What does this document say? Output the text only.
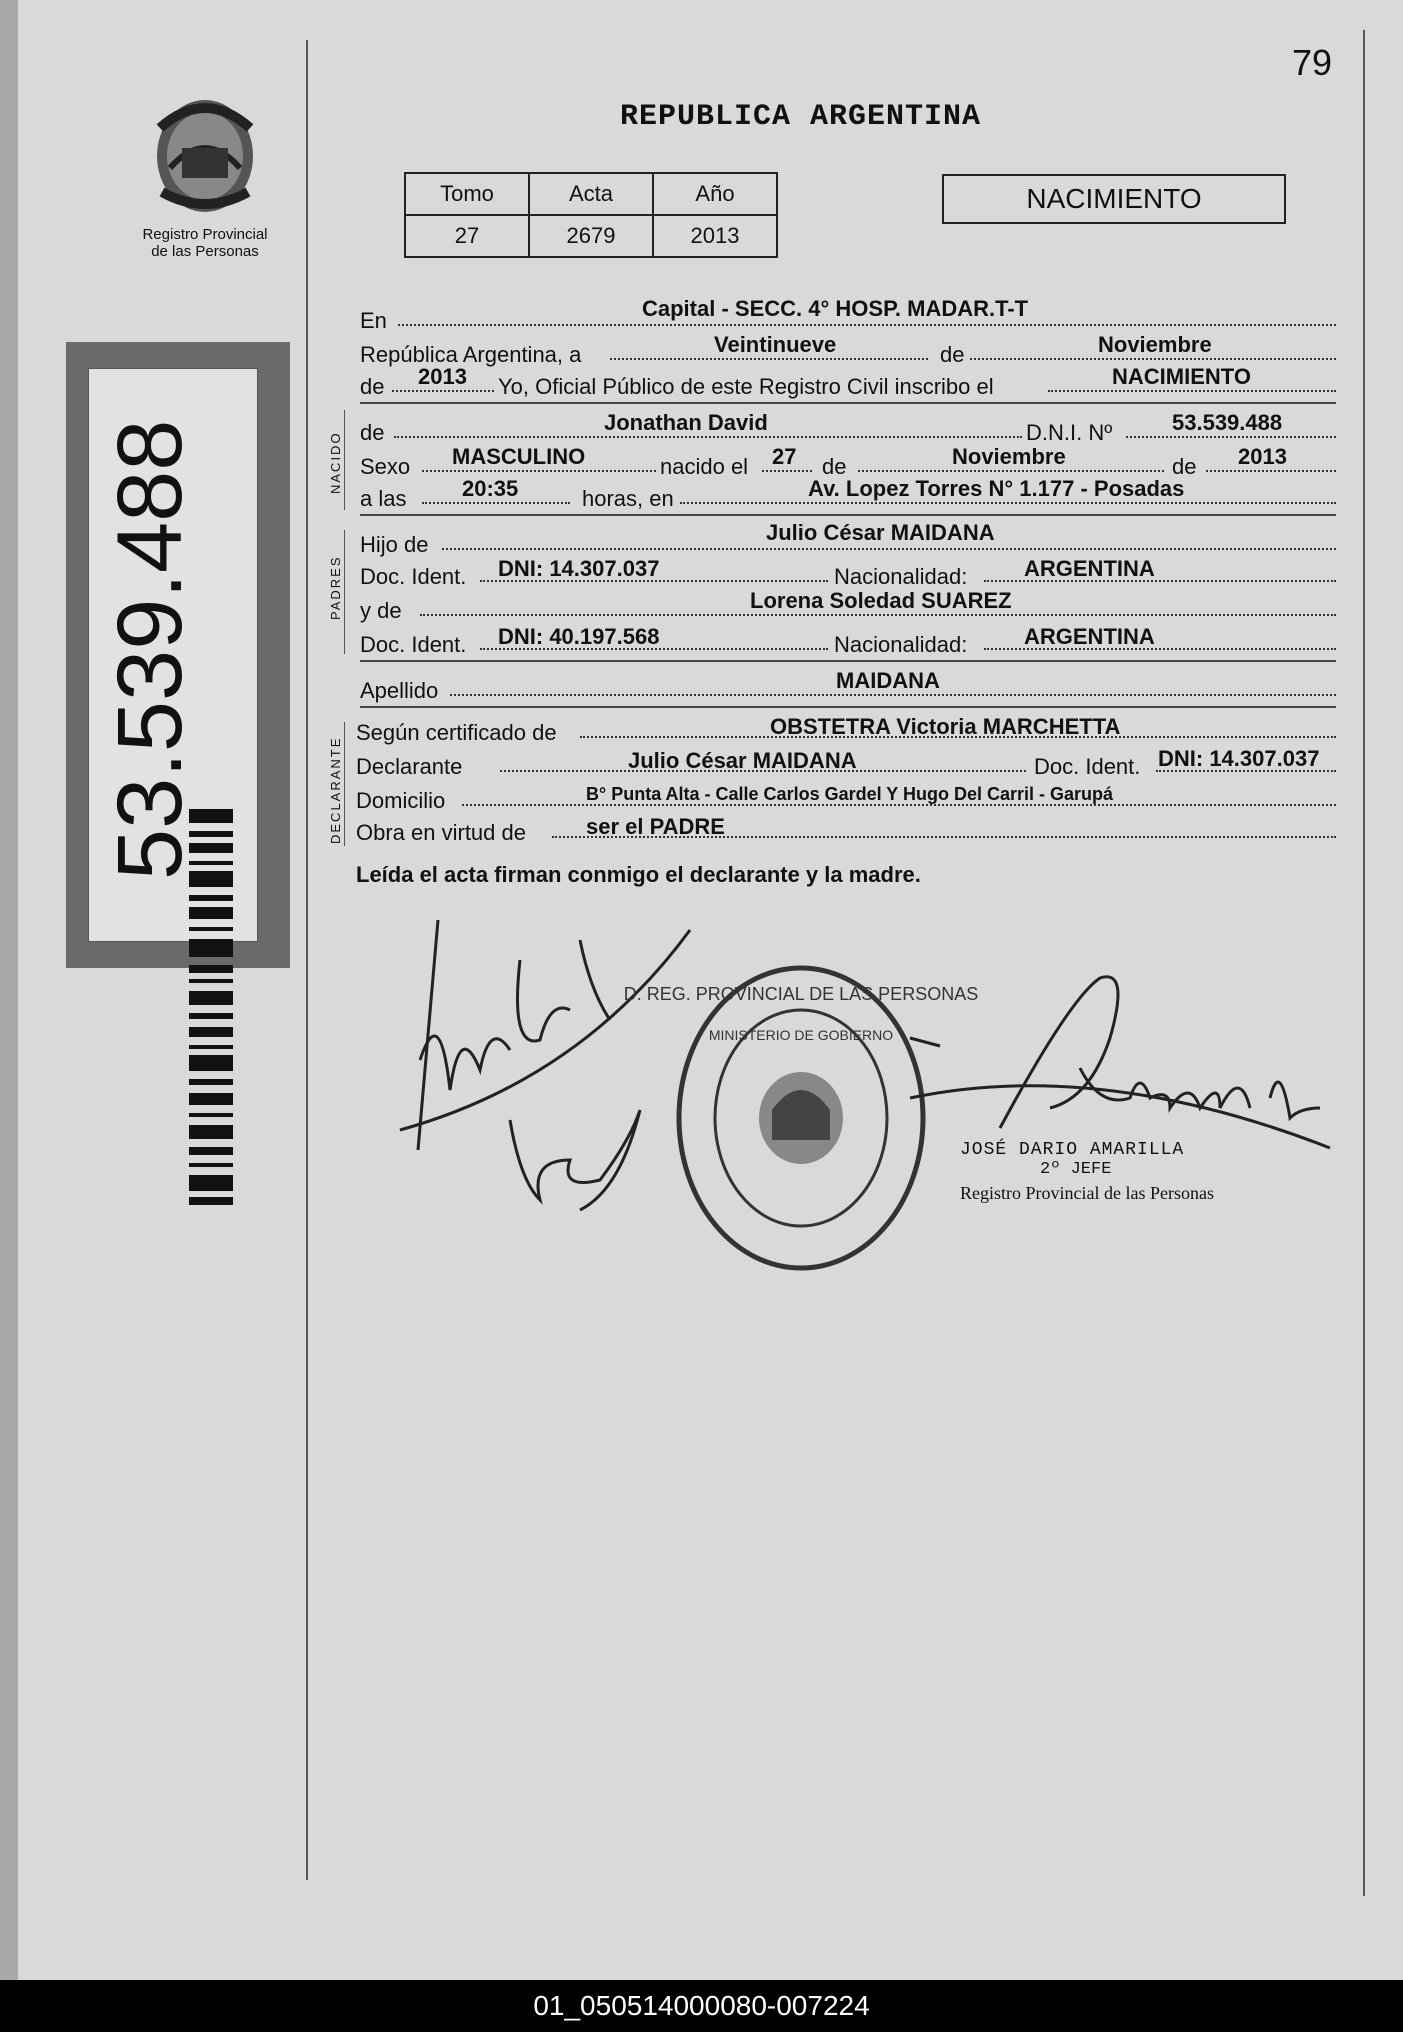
79
REPUBLICA ARGENTINA
Registro Provincial
de las Personas
Tomo	Acta	Año
27	2679	2013
NACIMIENTO
53.539.488	NACIDO
PADRES
DECLARANTE
En	Capital - SECC. 4° HOSP. MADAR.T-T
República Argentina, a	Veintinueve	de	Noviembre
de 2013 Yo, Oficial Público de este Registro Civil inscribo el	NACIMIENTO
de	Jonathan David	D.N.I. Nº	53.539.488
Sexo MASCULINO	nacido el 27 de	Noviembre	de 2013
a las	20:35	horas, en	Av. Lopez Torres N° 1.177 - Posadas
Hijo de	Julio César MAIDANA
Doc. Ident. DNI: 14.307.037	Nacionalidad:	ARGENTINA
y de	Lorena Soledad SUAREZ
Doc. Ident. DNI: 40.197.568	Nacionalidad:	ARGENTINA
Apellido	MAIDANA
Según certificado de	OBSTETRA Victoria MARCHETTA
Declarante	Julio César MAIDANA	Doc. Ident. DNI: 14.307.037
Domicilio	B° Punta Alta - Calle Carlos Gardel Y Hugo Del Carril - Garupá
Obra en virtud de	ser el PADRE
Leída el acta firman conmigo el declarante y la madre.
D. REG. PROVINCIAL DE LAS PERSONAS
MINISTERIO DE GOBIERNO
JOSÉ DARIO AMARILLA
2º JEFE
Registro Provincial de las Personas
01_050514000080-007224
